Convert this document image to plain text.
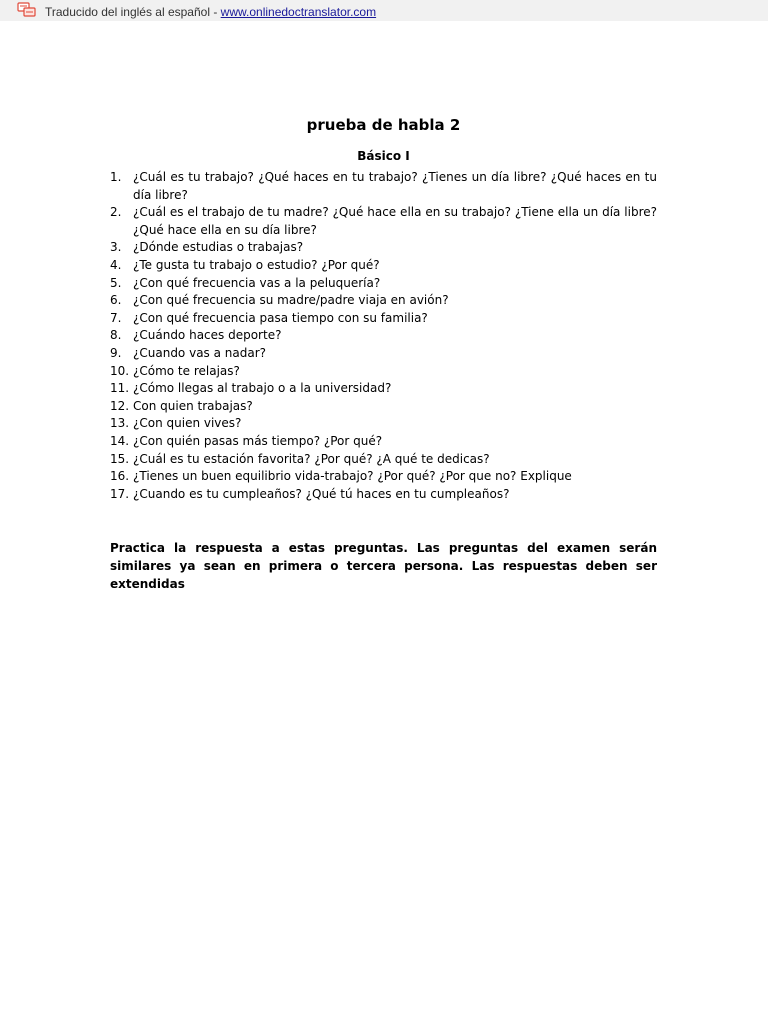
Traducido del inglés al español - www.onlinedoctranslator.com
prueba de habla 2
Básico I
1. ¿Cuál es tu trabajo? ¿Qué haces en tu trabajo? ¿Tienes un día libre? ¿Qué haces en tu día libre?
2. ¿Cuál es el trabajo de tu madre? ¿Qué hace ella en su trabajo? ¿Tiene ella un día libre? ¿Qué hace ella en su día libre?
3. ¿Dónde estudias o trabajas?
4. ¿Te gusta tu trabajo o estudio? ¿Por qué?
5. ¿Con qué frecuencia vas a la peluquería?
6. ¿Con qué frecuencia su madre/padre viaja en avión?
7. ¿Con qué frecuencia pasa tiempo con su familia?
8. ¿Cuándo haces deporte?
9. ¿Cuando vas a nadar?
10. ¿Cómo te relajas?
11. ¿Cómo llegas al trabajo o a la universidad?
12. Con quien trabajas?
13. ¿Con quien vives?
14. ¿Con quién pasas más tiempo? ¿Por qué?
15. ¿Cuál es tu estación favorita? ¿Por qué? ¿A qué te dedicas?
16. ¿Tienes un buen equilibrio vida-trabajo? ¿Por qué? ¿Por que no? Explique
17. ¿Cuando es tu cumpleaños? ¿Qué tú haces en tu cumpleaños?

Practica la respuesta a estas preguntas. Las preguntas del examen serán similares ya sean en primera o tercera persona. Las respuestas deben ser extendidas
